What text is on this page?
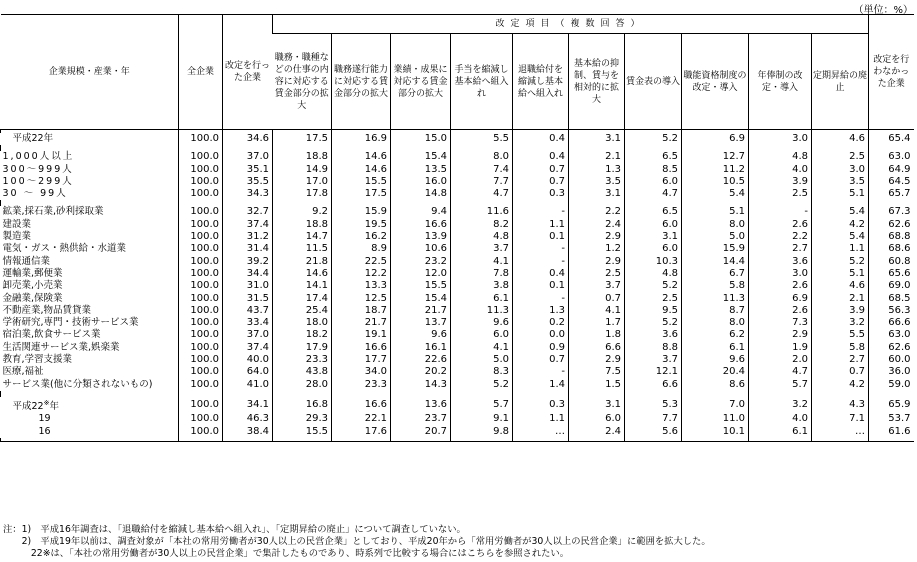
（単位：%）
企業規模・産業・年	全企業	改定を行った企業	改定項目（複数回答）										改定を行わなかった企業
			職務・職種などの仕事の内容に対応する賃金部分の拡大	職務遂行能力に対応する賃金部分の拡大	業績・成果に対応する賃金部分の拡大	手当を縮減し基本給へ組入れ	退職給付を縮減し基本給へ組入れ	基本給の抑制、賃与を相対的に拡大	賃金表の導入	職能資格制度の改定・導入	年俸制の改定・導入	定期昇給の廃止	

平成22年	100.0	34.6	17.5	16.9	15.0	5.5	0.4	3.1	5.2	6.9	3.0	4.6	65.4

1,000人以上	100.0	37.0	18.8	14.6	15.4	8.0	0.4	2.1	6.5	12.7	4.8	2.5	63.0
300～999人	100.0	35.1	14.9	14.6	13.5	7.4	0.7	1.3	8.5	11.2	4.0	3.0	64.9
100～299人	100.0	35.5	17.0	15.5	16.0	7.7	0.7	3.5	6.0	10.5	3.9	3.5	64.5
30 ～ 99人	100.0	34.3	17.8	17.5	14.8	4.7	0.3	3.1	4.7	5.4	2.5	5.1	65.7

鉱業,採石業,砂利採取業	100.0	32.7	9.2	15.9	9.4	11.6	-	2.2	6.5	5.1	-	5.4	67.3
建設業	100.0	37.4	18.8	19.5	16.6	8.2	1.1	2.4	6.0	8.0	2.6	4.2	62.6
製造業	100.0	31.2	14.7	16.2	13.9	4.8	0.1	2.9	3.1	5.0	2.2	5.4	68.8
電気・ガス・熱供給・水道業	100.0	31.4	11.5	8.9	10.6	3.7	-	1.2	6.0	15.9	2.7	1.1	68.6
情報通信業	100.0	39.2	21.8	22.5	23.2	4.1	-	2.9	10.3	14.4	3.6	5.2	60.8
運輸業,郵便業	100.0	34.4	14.6	12.2	12.0	7.8	0.4	2.5	4.8	6.7	3.0	5.1	65.6
卸売業,小売業	100.0	31.0	14.1	13.3	15.5	3.8	0.1	3.7	5.2	5.8	2.6	4.6	69.0
金融業,保険業	100.0	31.5	17.4	12.5	15.4	6.1	-	0.7	2.5	11.3	6.9	2.1	68.5
不動産業,物品賃貸業	100.0	43.7	25.4	18.7	21.7	11.3	1.3	4.1	9.5	8.7	2.6	3.9	56.3
学術研究,専門・技術サービス業	100.0	33.4	18.0	21.7	13.7	9.6	0.2	1.7	5.2	8.0	7.3	3.2	66.6
宿泊業,飲食サービス業	100.0	37.0	18.2	19.1	9.6	6.0	0.0	1.8	3.6	6.2	2.9	5.5	63.0
生活関連サービス業,娯楽業	100.0	37.4	17.9	16.6	16.1	4.1	0.9	6.6	8.8	6.1	1.9	5.8	62.6
教育,学習支援業	100.0	40.0	23.3	17.7	22.6	5.0	0.7	2.9	3.7	9.6	2.0	2.7	60.0
医療,福祉	100.0	64.0	43.8	34.0	20.2	8.3	-	7.5	12.1	20.4	4.7	0.7	36.0
サービス業(他に分類されないもの)	100.0	41.0	28.0	23.3	14.3	5.2	1.4	1.5	6.6	8.6	5.7	4.2	59.0

平成22※年	100.0	34.1	16.8	16.6	13.6	5.7	0.3	3.1	5.3	7.0	3.2	4.3	65.9
19	100.0	46.3	29.3	22.1	23.7	9.1	1.1	6.0	7.7	11.0	4.0	7.1	53.7
16	100.0	38.4	15.5	17.6	20.7	9.8	…	2.4	5.6	10.1	6.1	…	61.6

注：1)　平成16年調査は、「退職給付を縮減し基本給へ組入れ」、「定期昇給の廃止」について調査していない。
　　2)　平成19年以前は、調査対象が「本社の常用労働者が30人以上の民営企業」としており、平成20年から「常用労働者が30人以上の民営企業」に範囲を拡大した。
　　　22※は、「本社の常用労働者が30人以上の民営企業」で集計したものであり、時系列で比較する場合にはこちらを参照されたい。
